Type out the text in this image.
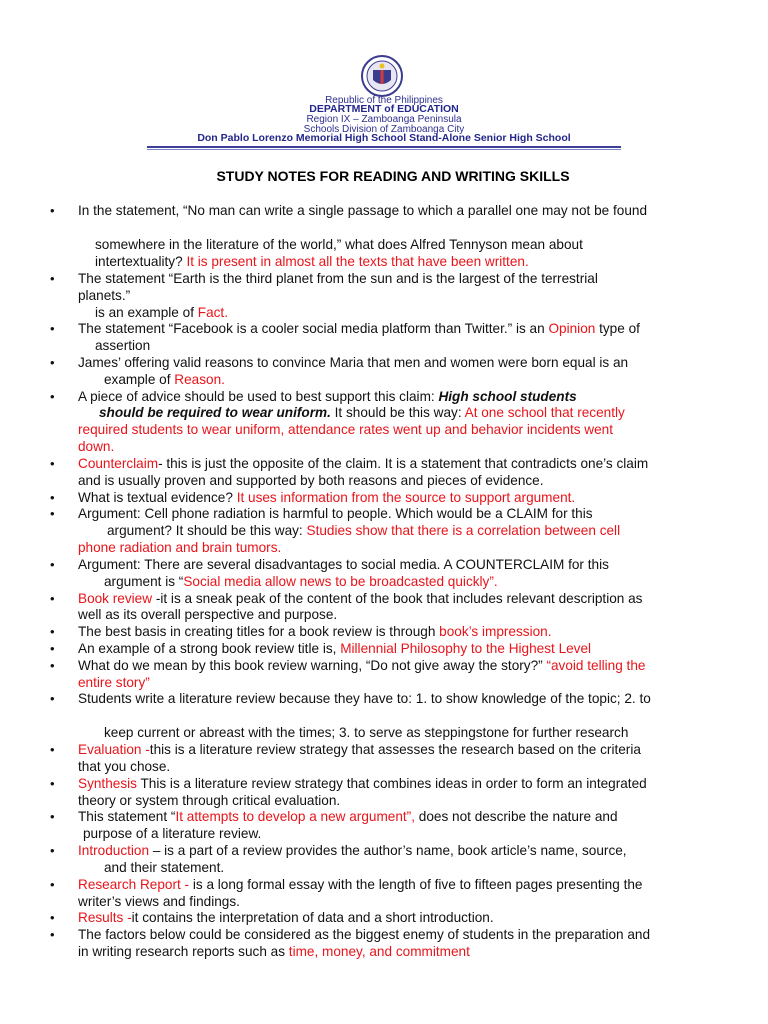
Republic of the Philippines
DEPARTMENT of EDUCATION
Region IX – Zamboanga Peninsula
Schools Division of Zamboanga City
Don Pablo Lorenzo Memorial High School Stand-Alone Senior High School
STUDY NOTES FOR READING AND WRITING SKILLS
• In the statement, “No man can write a single passage to which a parallel one may not be found
somewhere in the literature of the world,” what does Alfred Tennyson mean about
intertextuality? It is present in almost all the texts that have been written.
• The statement “Earth is the third planet from the sun and is the largest of the terrestrial
planets.”
is an example of Fact.
• The statement “Facebook is a cooler social media platform than Twitter.” is an Opinion type of
assertion
• James’ offering valid reasons to convince Maria that men and women were born equal is an
example of Reason.
• A piece of advice should be used to best support this claim: High school students
should be required to wear uniform. It should be this way: At one school that recently
required students to wear uniform, attendance rates went up and behavior incidents went
down.
• Counterclaim- this is just the opposite of the claim. It is a statement that contradicts one’s claim
and is usually proven and supported by both reasons and pieces of evidence.
• What is textual evidence? It uses information from the source to support argument.
• Argument: Cell phone radiation is harmful to people. Which would be a CLAIM for this
argument? It should be this way: Studies show that there is a correlation between cell
phone radiation and brain tumors.
• Argument: There are several disadvantages to social media. A COUNTERCLAIM for this
argument is “Social media allow news to be broadcasted quickly”.
• Book review -it is a sneak peak of the content of the book that includes relevant description as
well as its overall perspective and purpose.
• The best basis in creating titles for a book review is through book’s impression.
• An example of a strong book review title is, Millennial Philosophy to the Highest Level
• What do we mean by this book review warning, “Do not give away the story?” “avoid telling the
entire story”
• Students write a literature review because they have to: 1. to show knowledge of the topic; 2. to
keep current or abreast with the times; 3. to serve as steppingstone for further research
• Evaluation -this is a literature review strategy that assesses the research based on the criteria
that you chose.
• Synthesis This is a literature review strategy that combines ideas in order to form an integrated
theory or system through critical evaluation.
• This statement “It attempts to develop a new argument”, does not describe the nature and
purpose of a literature review.
• Introduction – is a part of a review provides the author’s name, book article’s name, source,
and their statement.
• Research Report - is a long formal essay with the length of five to fifteen pages presenting the
writer’s views and findings.
• Results -it contains the interpretation of data and a short introduction.
• The factors below could be considered as the biggest enemy of students in the preparation and
in writing research reports such as time, money, and commitment
